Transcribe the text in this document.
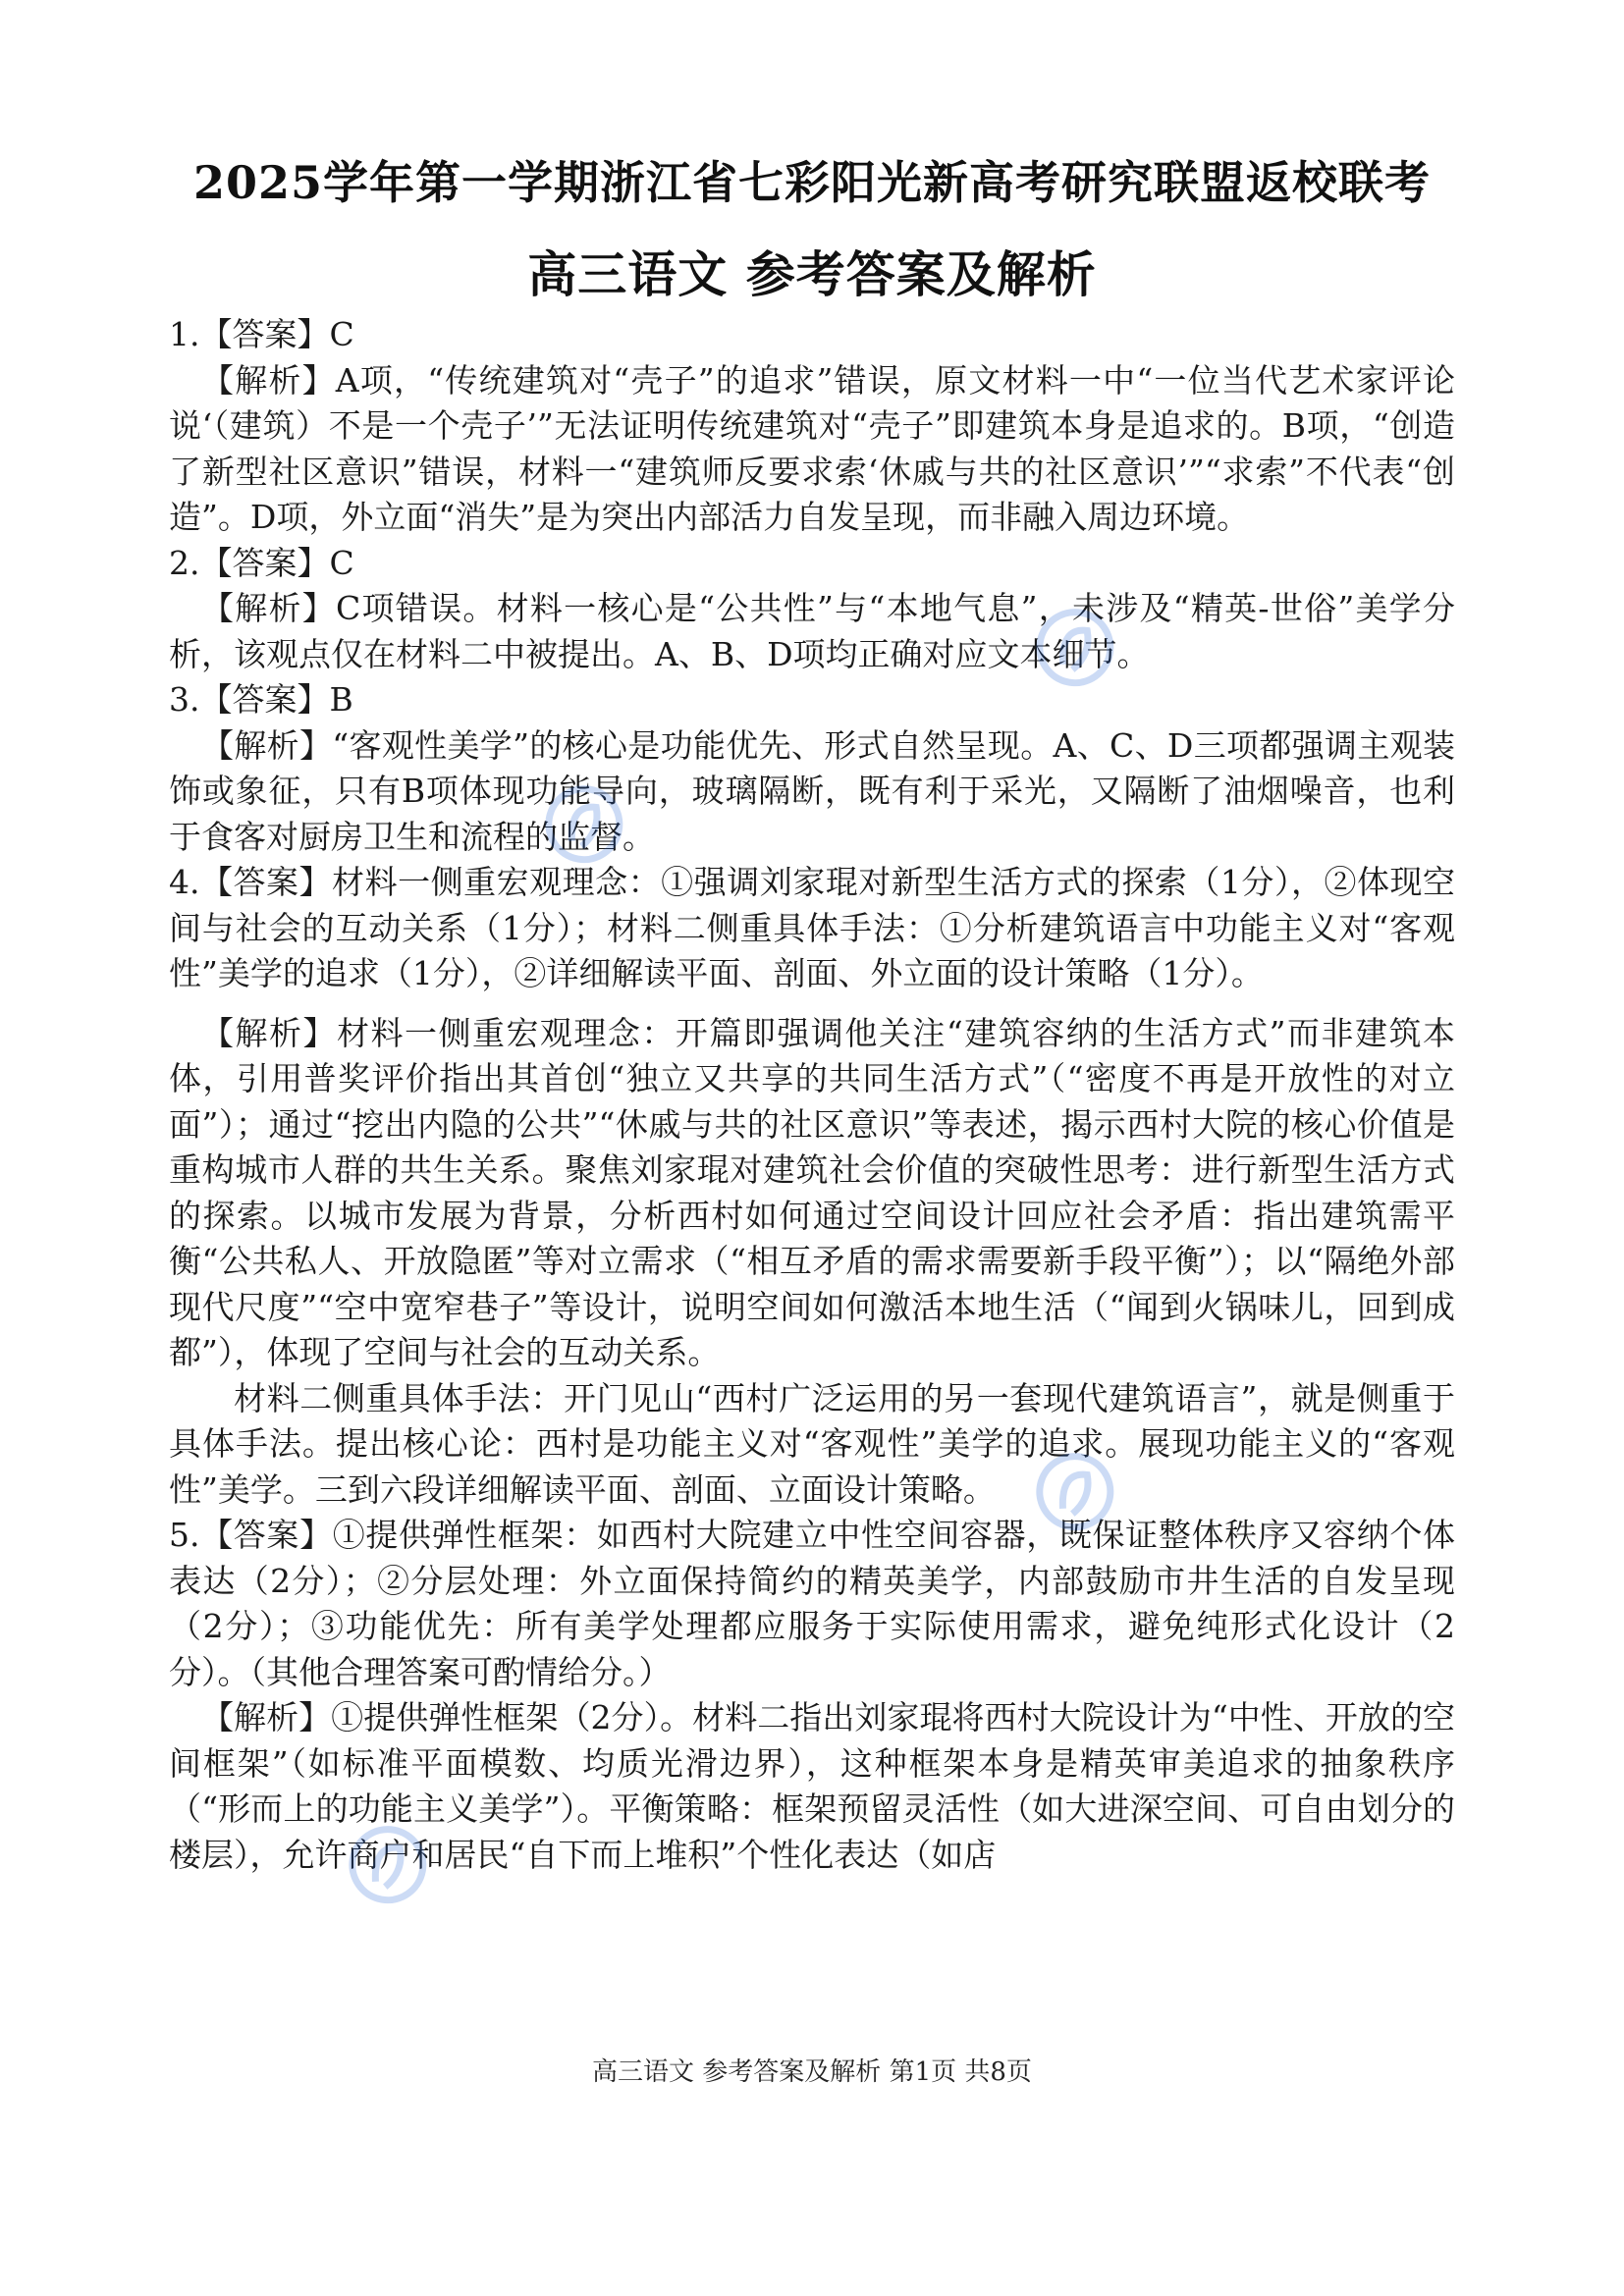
2025学年第一学期浙江省七彩阳光新高考研究联盟返校联考
高三语文 参考答案及解析

1.【答案】C

【解析】A项，“传统建筑对“壳子”的追求”错误，原文材料一中“一位当代艺术家评论说‘（建筑）不是一个壳子’”无法证明传统建筑对“壳子”即建筑本身是追求的。B项，“创造了新型社区意识”错误，材料一“建筑师反要求索‘休戚与共的社区意识’”“求索”不代表“创造”。D项，外立面“消失”是为突出内部活力自发呈现，而非融入周边环境。

2.【答案】C

【解析】C项错误。材料一核心是“公共性”与“本地气息”，未涉及“精英-世俗”美学分析，该观点仅在材料二中被提出。A、B、D项均正确对应文本细节。

3.【答案】B

【解析】“客观性美学”的核心是功能优先、形式自然呈现。A、C、D三项都强调主观装饰或象征，只有B项体现功能导向，玻璃隔断，既有利于采光，又隔断了油烟噪音，也利于食客对厨房卫生和流程的监督。

4.【答案】材料一侧重宏观理念：①强调刘家琨对新型生活方式的探索（1分），②体现空间与社会的互动关系（1分）；材料二侧重具体手法：①分析建筑语言中功能主义对“客观性”美学的追求（1分），②详细解读平面、剖面、外立面的设计策略（1分）。

【解析】材料一侧重宏观理念：开篇即强调他关注“建筑容纳的生活方式”而非建筑本体，引用普奖评价指出其首创“独立又共享的共同生活方式”（“密度不再是开放性的对立面”）；通过“挖出内隐的公共”“休戚与共的社区意识”等表述，揭示西村大院的核心价值是重构城市人群的共生关系。聚焦刘家琨对建筑社会价值的突破性思考：进行新型生活方式的探索。以城市发展为背景，分析西村如何通过空间设计回应社会矛盾：指出建筑需平衡“公共私人、开放隐匿”等对立需求（“相互矛盾的需求需要新手段平衡”）；以“隔绝外部现代尺度”“空中宽窄巷子”等设计，说明空间如何激活本地生活（“闻到火锅味儿，回到成都”），体现了空间与社会的互动关系。

材料二侧重具体手法：开门见山“西村广泛运用的另一套现代建筑语言”，就是侧重于具体手法。提出核心论：西村是功能主义对“客观性”美学的追求。展现功能主义的“客观性”美学。三到六段详细解读平面、剖面、立面设计策略。

5.【答案】①提供弹性框架：如西村大院建立中性空间容器，既保证整体秩序又容纳个体表达（2分）；②分层处理：外立面保持简约的精英美学，内部鼓励市井生活的自发呈现（2分）；③功能优先：所有美学处理都应服务于实际使用需求，避免纯形式化设计（2分）。（其他合理答案可酌情给分。）

【解析】①提供弹性框架（2分）。材料二指出刘家琨将西村大院设计为“中性、开放的空间框架”（如标准平面模数、均质光滑边界），这种框架本身是精英审美追求的抽象秩序（“形而上的功能主义美学”）。平衡策略：框架预留灵活性（如大进深空间、可自由划分的楼层），允许商户和居民“自下而上堆积”个性化表达（如店

高三语文 参考答案及解析 第1页 共8页
